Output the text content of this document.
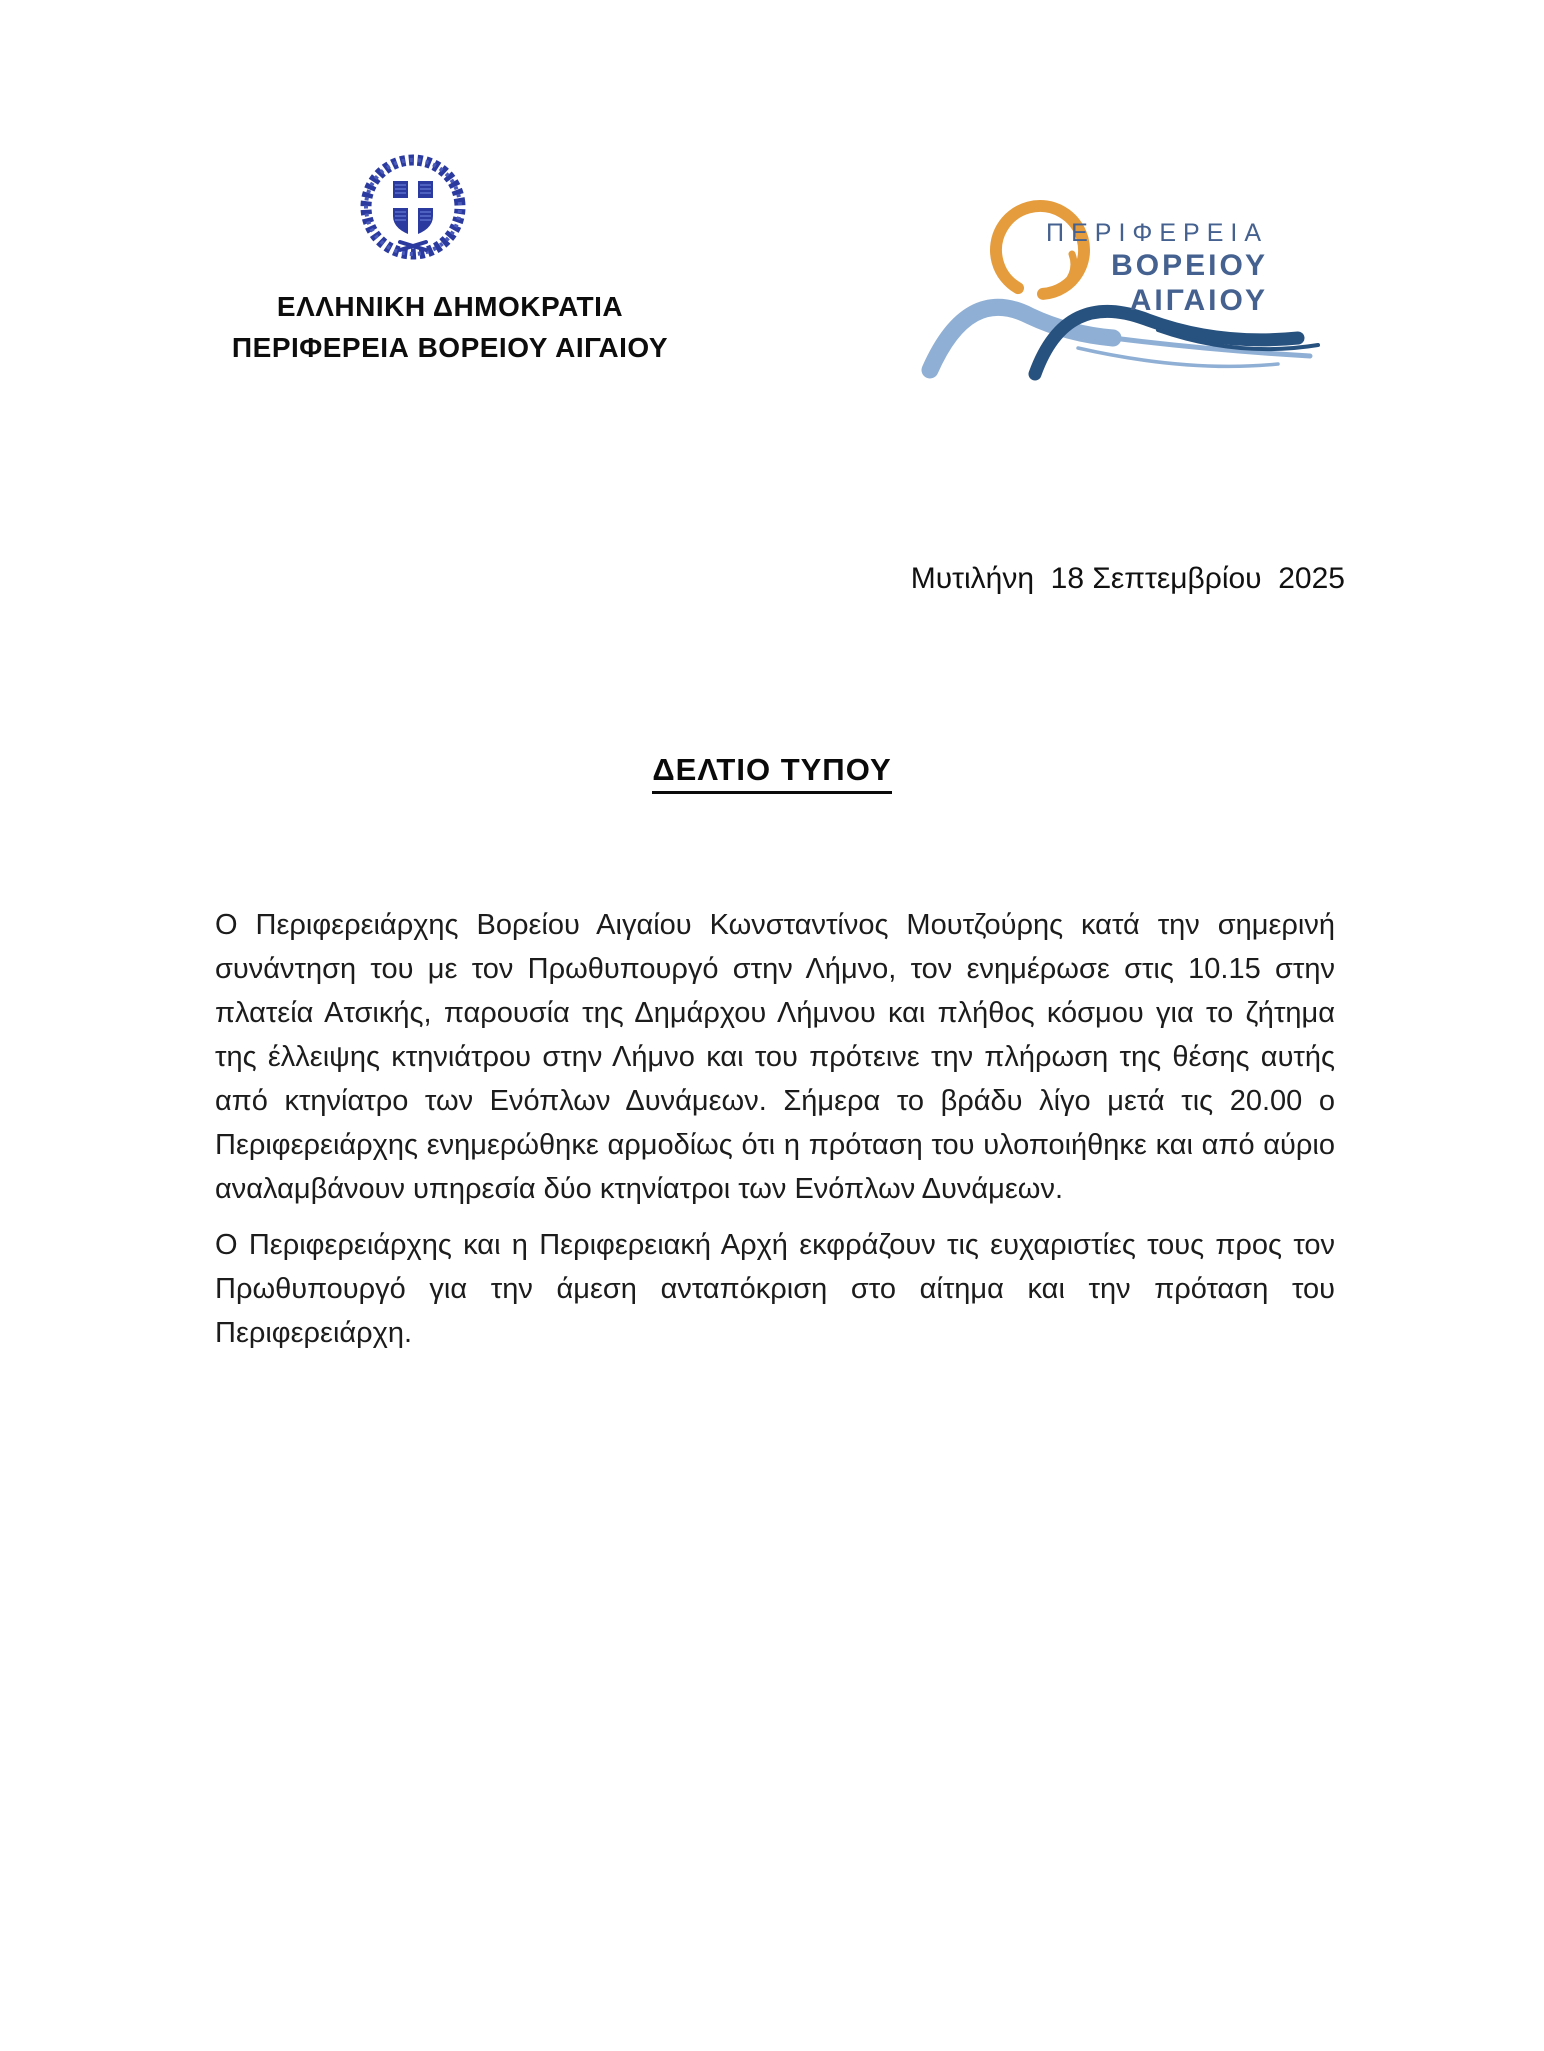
ΕΛΛΗΝΙΚΗ ΔΗΜΟΚΡΑΤΙΑ
ΠΕΡΙΦΕΡΕΙΑ ΒΟΡΕΙΟΥ ΑΙΓΑΙΟΥ
ΠΕΡΙΦΕΡΕΙΑ
ΒΟΡΕΙΟΥ
ΑΙΓΑΙΟΥ
Μυτιλήνη  18 Σεπτεμβρίου  2025
ΔΕΛΤΙΟ ΤΥΠΟΥ

Ο Περιφερειάρχης Βορείου Αιγαίου Κωνσταντίνος Μουτζούρης κατά την σημερινή συνάντηση του με τον Πρωθυπουργό στην Λήμνο, τον ενημέρωσε στις 10.15 στην πλατεία Ατσικής, παρουσία της Δημάρχου Λήμνου και πλήθος κόσμου για το ζήτημα της έλλειψης κτηνιάτρου στην Λήμνο και του πρότεινε την πλήρωση της θέσης αυτής από κτηνίατρο των Ενόπλων Δυνάμεων. Σήμερα το βράδυ λίγο μετά τις 20.00 ο Περιφερειάρχης ενημερώθηκε αρμοδίως ότι η πρόταση του υλοποιήθηκε και από αύριο αναλαμβάνουν υπηρεσία δύο κτηνίατροι των Ενόπλων Δυνάμεων.

Ο Περιφερειάρχης και η Περιφερειακή Αρχή εκφράζουν τις ευχαριστίες τους προς τον Πρωθυπουργό για την άμεση ανταπόκριση στο αίτημα και την πρόταση του Περιφερειάρχη.
